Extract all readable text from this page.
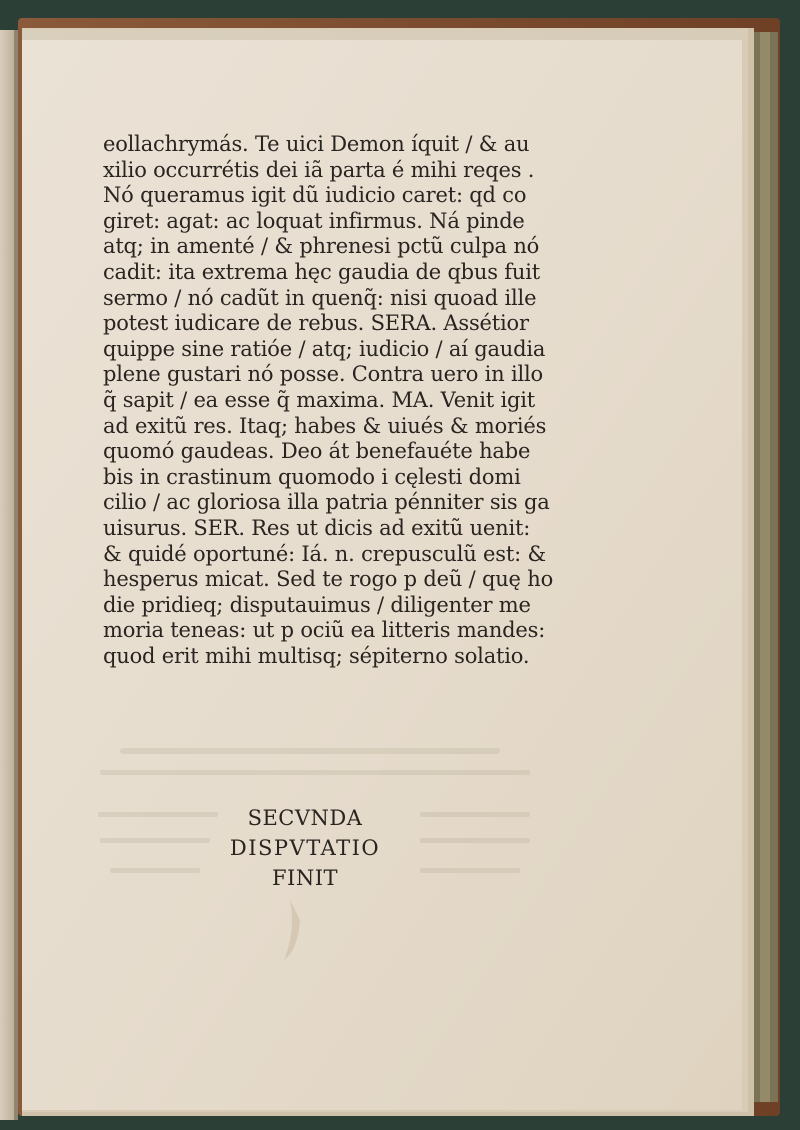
eollachrymás. Te uici Demon íquit / & au
xilio occurrétis dei iã parta é mihi reqes .
Nó queramus igit dũ iudicio caret: qd co
giret: agat: ac loquat infirmus. Ná pinde
atq; in amenté / & phrenesi pctũ culpa nó
cadit: ita extrema hęc gaudia de qbus fuit
sermo / nó cadũt in quenq̃: nisi quoad ille
potest iudicare de rebus. SERA. Assétior
quippe sine ratióe / atq; iudicio / aí gaudia
plene gustari nó posse. Contra uero in illo
q̃ sapit / ea esse q̃ maxima. MA. Venit igit
ad exitũ res. Itaq; habes & uiués & moriés
quomó gaudeas. Deo át benefauéte habe
bis in crastinum quomodo i cęlesti domi
cilio / ac gloriosa illa patria pénniter sis ga
uisurus. SER. Res ut dicis ad exitũ uenit:
& quidé oportuné: Iá. n. crepusculũ est: &
hesperus micat. Sed te rogo p deũ / quę ho
die pridieq; disputauimus / diligenter me
moria teneas: ut p ociũ ea litteris mandes:
quod erit mihi multisq; sépiterno solatio.
SECVNDA
DISPVTATIO
FINIT
